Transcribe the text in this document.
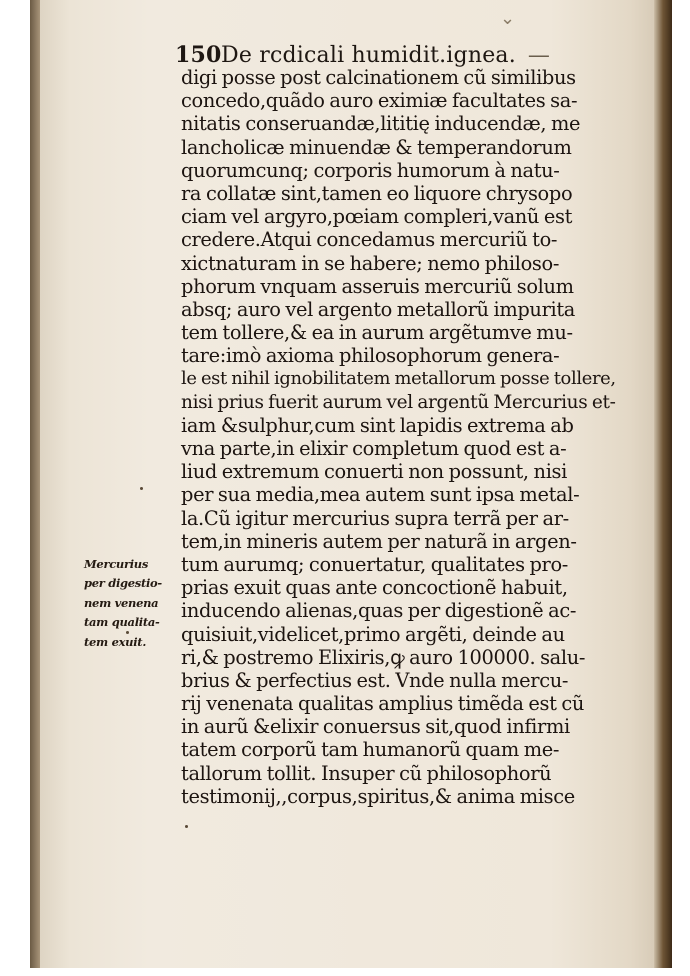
⌄
150De rcdicali humidit.ignea. —
digi posse post calcinationem cũ similibus
concedo,quãdo auro eximiæ facultates sa-
nitatis conseruandæ,lititię inducendæ, me
lancholicæ minuendæ & temperandorum
quorumcunq; corporis humorum à natu-
ra collatæ sint,tamen eo liquore chrysopo
ciam vel argyro,pœiam compleri,vanũ est
credere.Atqui concedamus mercuriũ to-
xictnaturam in se habere; nemo philoso-
phorum vnquam asseruis mercuriũ solum
absq; auro vel argento metallorũ impurita
tem tollere,& ea in aurum argẽtumve mu-
tare:imò axioma philosophorum genera-
le est nihil ignobilitatem metallorum posse tollere,
nisi prius fuerit aurum vel argentũ Mercurius et-
iam &sulphur,cum sint lapidis extrema ab
vna parte,in elixir completum quod est a-
liud extremum conuerti non possunt, nisi
per sua media,mea autem sunt ipsa metal-
la.Cũ igitur mercurius supra terrã per ar-
tem,in mineris autem per naturã in argen-
tum aurumq; conuertatur, qualitates pro-
prias exuit quas ante concoctionẽ habuit,
inducendo alienas,quas per digestionẽ ac-
quisiuit,videlicet,primo argẽti, deinde au
ri,& postremo Elixiris,ꝙ auro 100000. salu-
brius & perfectius est. Vnde nulla mercu-
rij venenata qualitas amplius timẽda est cũ
in aurũ &elixir conuersus sit,quod infirmi
tatem corporũ tam humanorũ quam me-
tallorum tollit. Insuper cũ philosophorũ
testimonij,,corpus,spiritus,& anima misce
Mercurius
per digestio-
nem venena
tam qualita-
tem exuit.
